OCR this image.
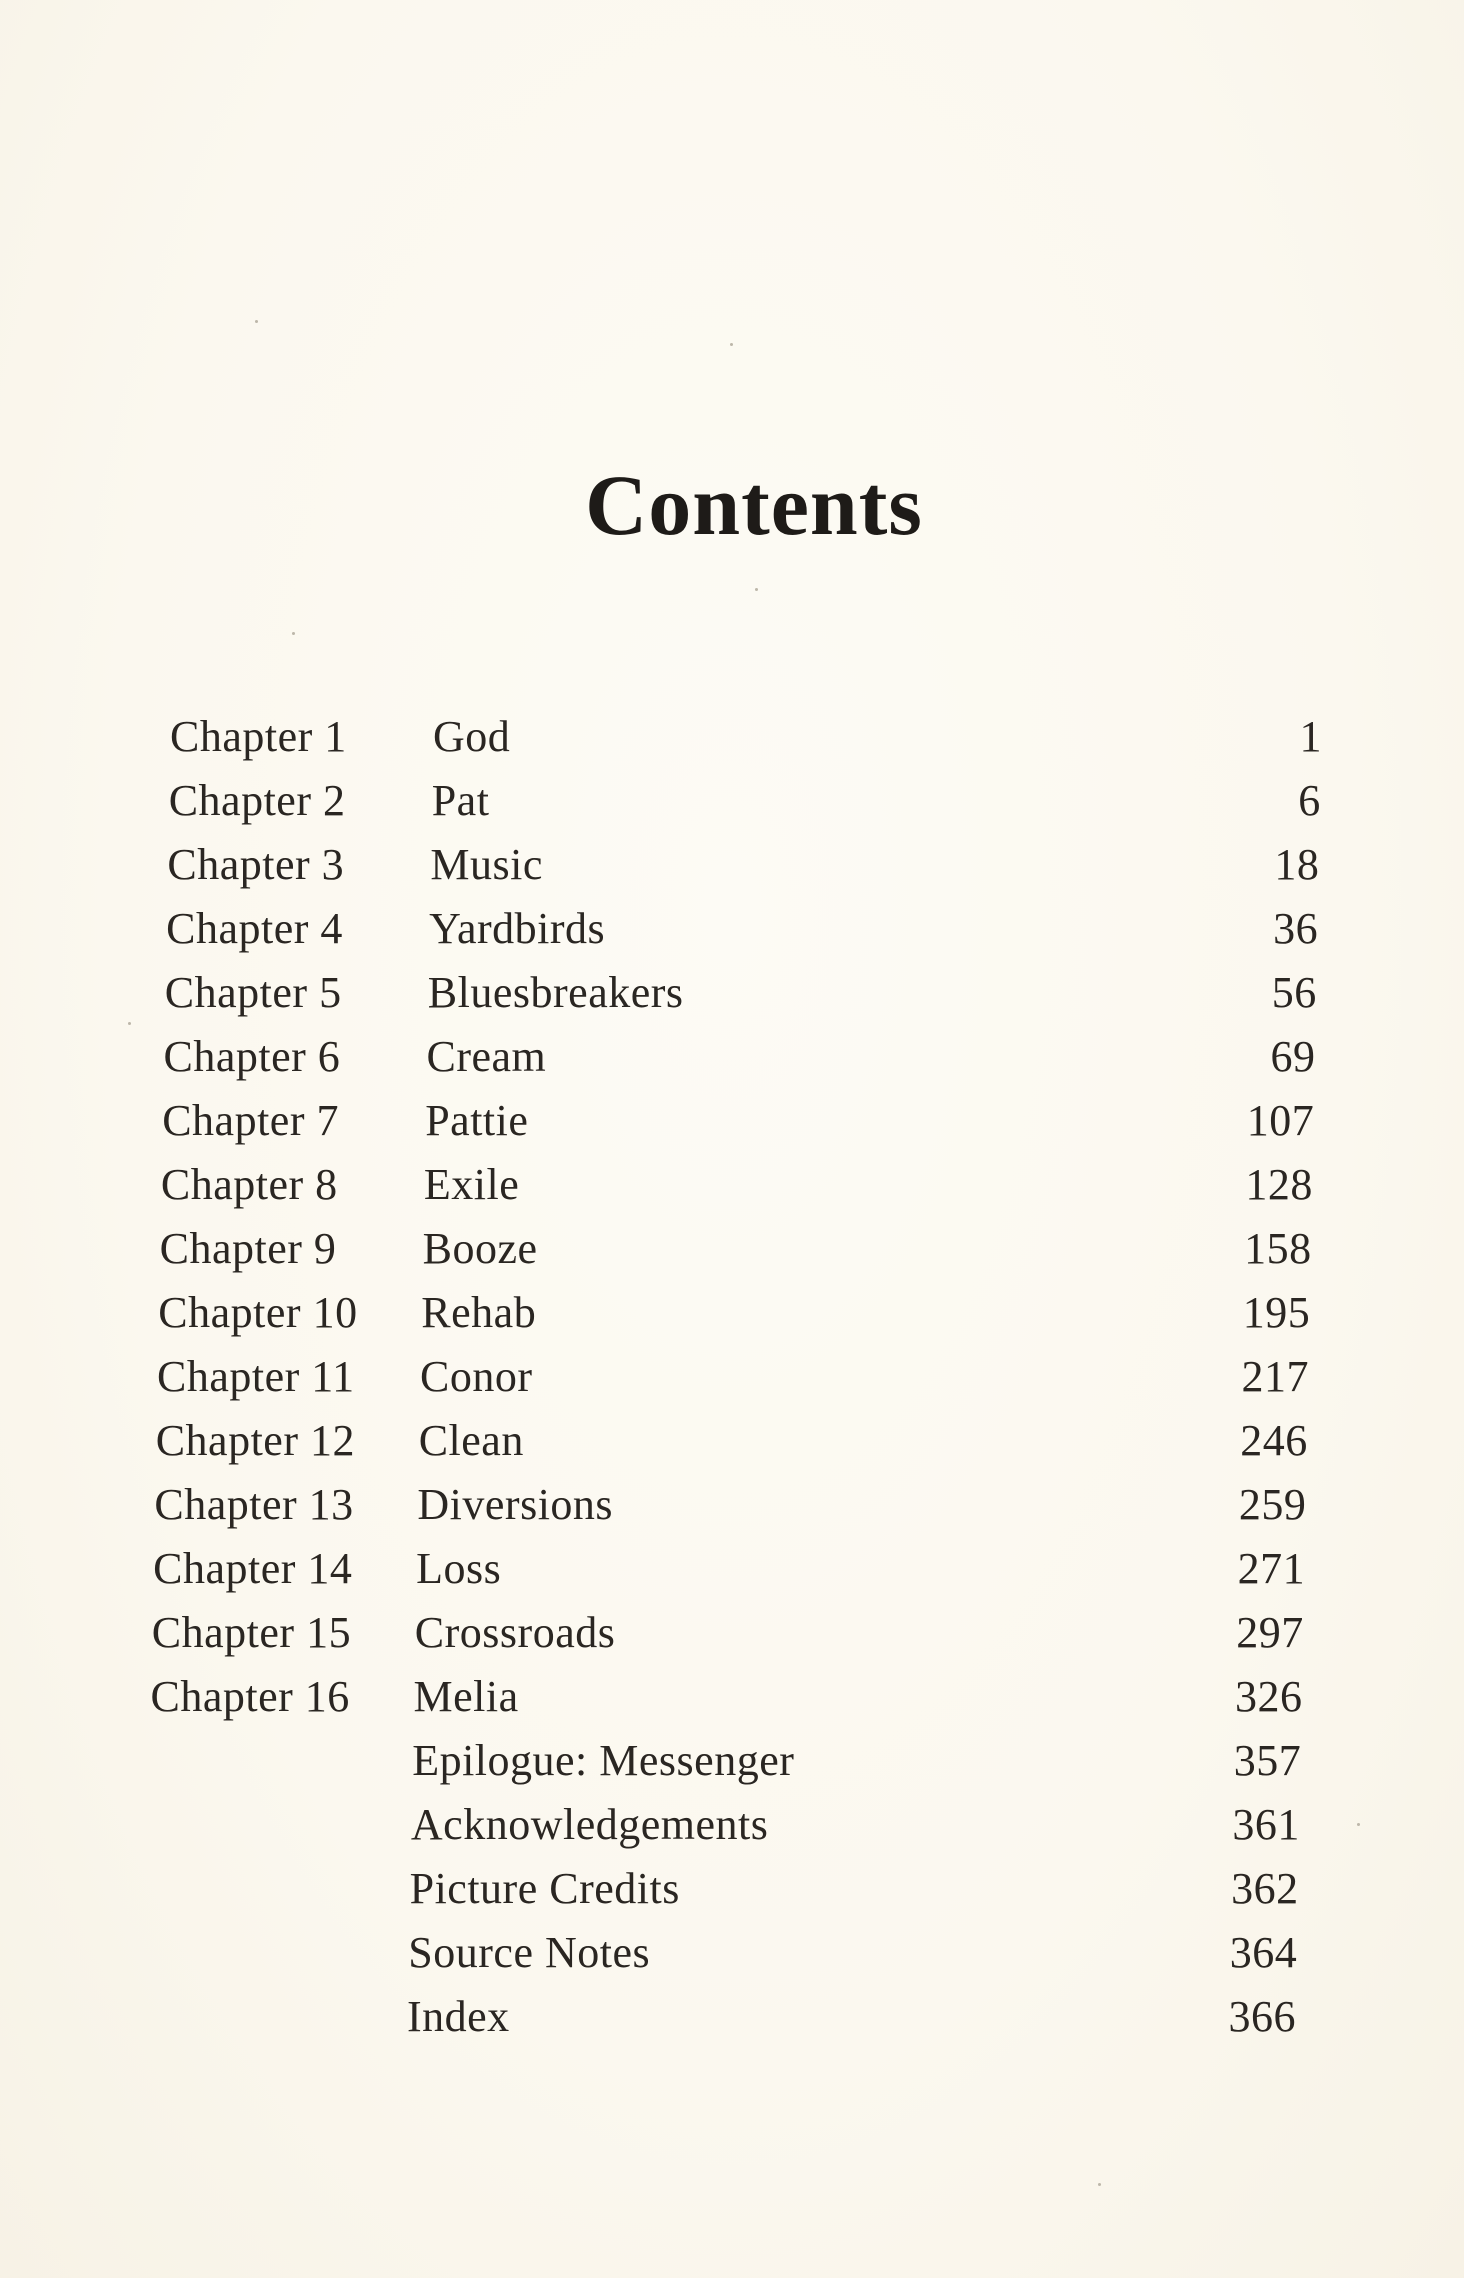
Contents
Chapter 1 God	1
Chapter 2 Pat	6
Chapter 3 Music	18
Chapter 4 Yardbirds	36
Chapter 5 Bluesbreakers	56
Chapter 6 Cream	69
Chapter 7 Pattie	107
Chapter 8 Exile	128
Chapter 9 Booze	158
Chapter 10 Rehab	195
Chapter 11 Conor	217
Chapter 12 Clean	246
Chapter 13 Diversions	259
Chapter 14 Loss	271
Chapter 15 Crossroads	297
Chapter 16 Melia	326
Epilogue: Messenger	357
Acknowledgements	361
Picture Credits	362
Source Notes	364
Index	366
